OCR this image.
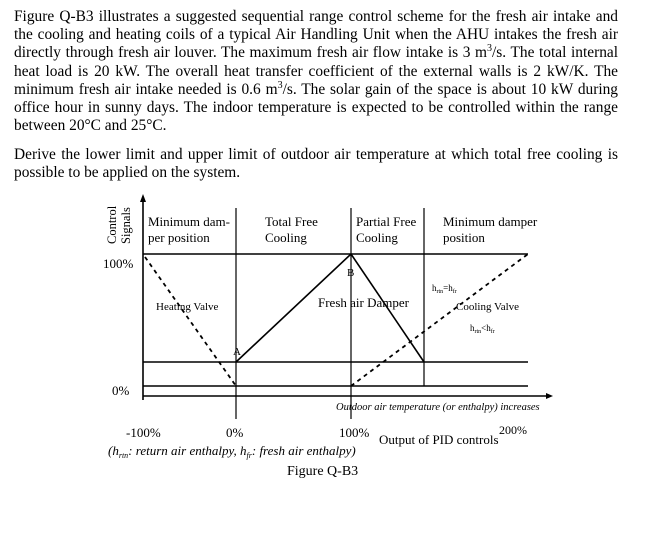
Figure Q-B3 illustrates a suggested sequential range control scheme for the fresh air intake and the cooling and heating coils of a typical Air Handling Unit when the AHU intakes the fresh air directly through fresh air louver. The maximum fresh air flow intake is 3 $m^3/s$. The total internal heat load is 20 kW. The overall heat transfer coefficient of the external walls is 2 kW/K. The minimum fresh air intake needed is 0.6 $m^3/s$. The solar gain of the space is about 10 kW during office hour in sunny days. The indoor temperature is expected to be controlled within the range between 20°C and 25°C.

Derive the lower limit and upper limit of outdoor air temperature at which total free cooling is possible to be applied on the system.

Control Signals
100%
0%
Minimum dam-
per position
Total Free
Cooling
Partial Free
Cooling
Minimum damper
position
Heating Valve	Fresh air Damper	Cooling Valve
A
B
$h_{rtn}=h_{fr}$
$h_{rtn}<h_{fr}$
Outdoor air temperature (or enthalpy) increases
-100%	0%	100%	200%
Output of PID controls
($h_{rtn}$: return air enthalpy, $h_{fr}$: fresh air enthalpy)
Figure Q-B3
